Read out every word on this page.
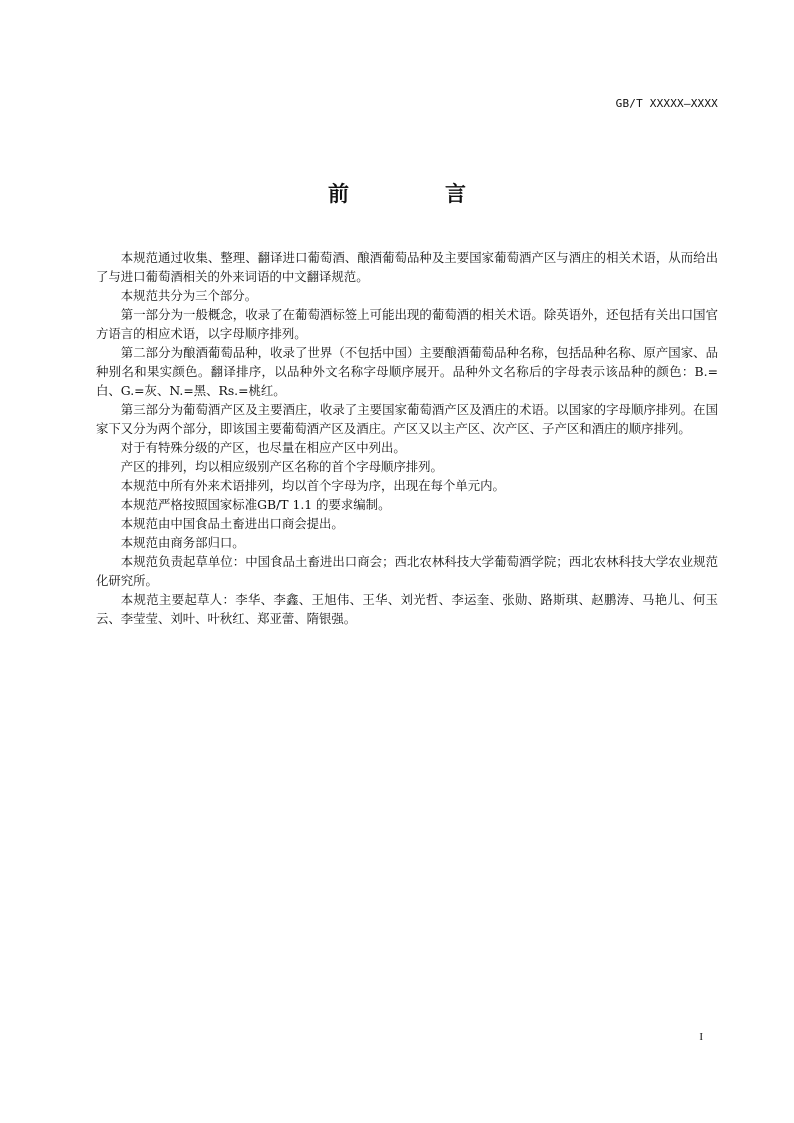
GB/T XXXXX—XXXX
前	言

本规范通过收集、整理、翻译进口葡萄酒、酿酒葡萄品种及主要国家葡萄酒产区与酒庄的相关术语，从而给出了与进口葡萄酒相关的外来词语的中文翻译规范。

本规范共分为三个部分。

第一部分为一般概念，收录了在葡萄酒标签上可能出现的葡萄酒的相关术语。除英语外，还包括有关出口国官方语言的相应术语，以字母顺序排列。

第二部分为酿酒葡萄品种，收录了世界（不包括中国）主要酿酒葡萄品种名称，包括品种名称、原产国家、品种别名和果实颜色。翻译排序，以品种外文名称字母顺序展开。品种外文名称后的字母表示该品种的颜色：B.=白、G.=灰、N.=黑、Rs.=桃红。

第三部分为葡萄酒产区及主要酒庄，收录了主要国家葡萄酒产区及酒庄的术语。以国家的字母顺序排列。在国家下又分为两个部分，即该国主要葡萄酒产区及酒庄。产区又以主产区、次产区、子产区和酒庄的顺序排列。

对于有特殊分级的产区，也尽量在相应产区中列出。

产区的排列，均以相应级别产区名称的首个字母顺序排列。

本规范中所有外来术语排列，均以首个字母为序，出现在每个单元内。

本规范严格按照国家标准GB/T 1.1 的要求编制。

本规范由中国食品土畜进出口商会提出。

本规范由商务部归口。

本规范负责起草单位：中国食品土畜进出口商会；西北农林科技大学葡萄酒学院；西北农林科技大学农业规范化研究所。

本规范主要起草人：李华、李鑫、王旭伟、王华、刘光哲、李运奎、张勋、路斯琪、赵鹏涛、马艳儿、何玉云、李莹莹、刘叶、叶秋红、郑亚蕾、隋银强。

I
